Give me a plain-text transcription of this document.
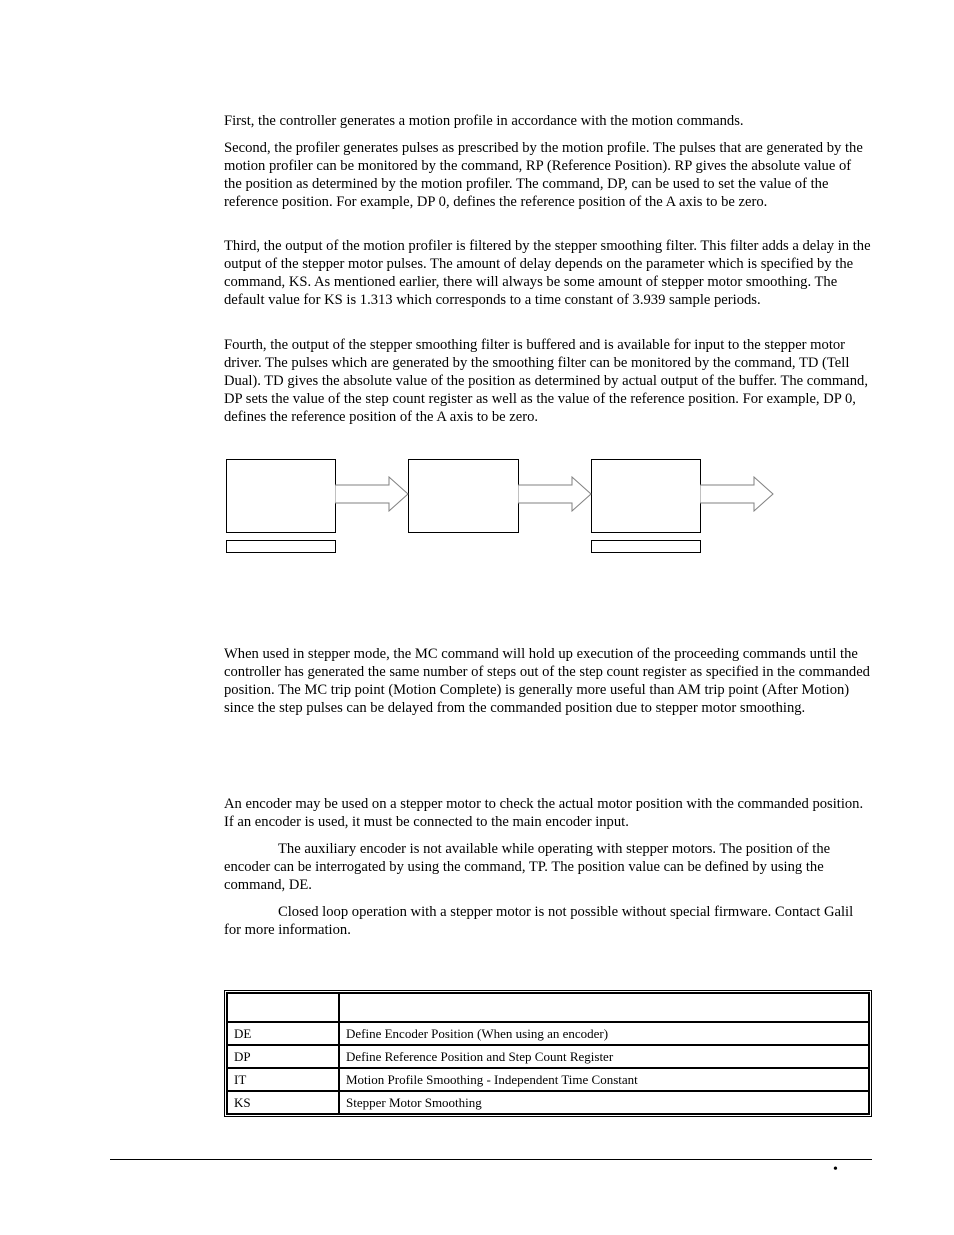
First, the controller generates a motion profile in accordance with the motion commands.

Second, the profiler generates pulses as prescribed by the motion profile. The pulses that are generated by the motion profiler can be monitored by the command, RP (Reference Position). RP gives the absolute value of the position as determined by the motion profiler. The command, DP, can be used to set the value of the reference position. For example, DP 0, defines the reference position of the A axis to be zero.

Third, the output of the motion profiler is filtered by the stepper smoothing filter. This filter adds a delay in the output of the stepper motor pulses. The amount of delay depends on the parameter which is specified by the command, KS. As mentioned earlier, there will always be some amount of stepper motor smoothing. The default value for KS is 1.313 which corresponds to a time constant of 3.939 sample periods.

Fourth, the output of the stepper smoothing filter is buffered and is available for input to the stepper motor driver. The pulses which are generated by the smoothing filter can be monitored by the command, TD (Tell Dual). TD gives the absolute value of the position as determined by actual output of the buffer. The command, DP sets the value of the step count register as well as the value of the reference position. For example, DP 0, defines the reference position of the A axis to be zero.

When used in stepper mode, the MC command will hold up execution of the proceeding commands until the controller has generated the same number of steps out of the step count register as specified in the commanded position. The MC trip point (Motion Complete) is generally more useful than AM trip point (After Motion) since the step pulses can be delayed from the commanded position due to stepper motor smoothing.

An encoder may be used on a stepper motor to check the actual motor position with the commanded position. If an encoder is used, it must be connected to the main encoder input.

The auxiliary encoder is not available while operating with stepper motors. The position of the encoder can be interrogated by using the command, TP. The position value can be defined by using the command, DE.

Closed loop operation with a stepper motor is not possible without special firmware. Contact Galil for more information.

DE	Define Encoder Position (When using an encoder)
DP	Define Reference Position and Step Count Register
IT	Motion Profile Smoothing - Independent Time Constant
KS	Stepper Motor Smoothing
•
